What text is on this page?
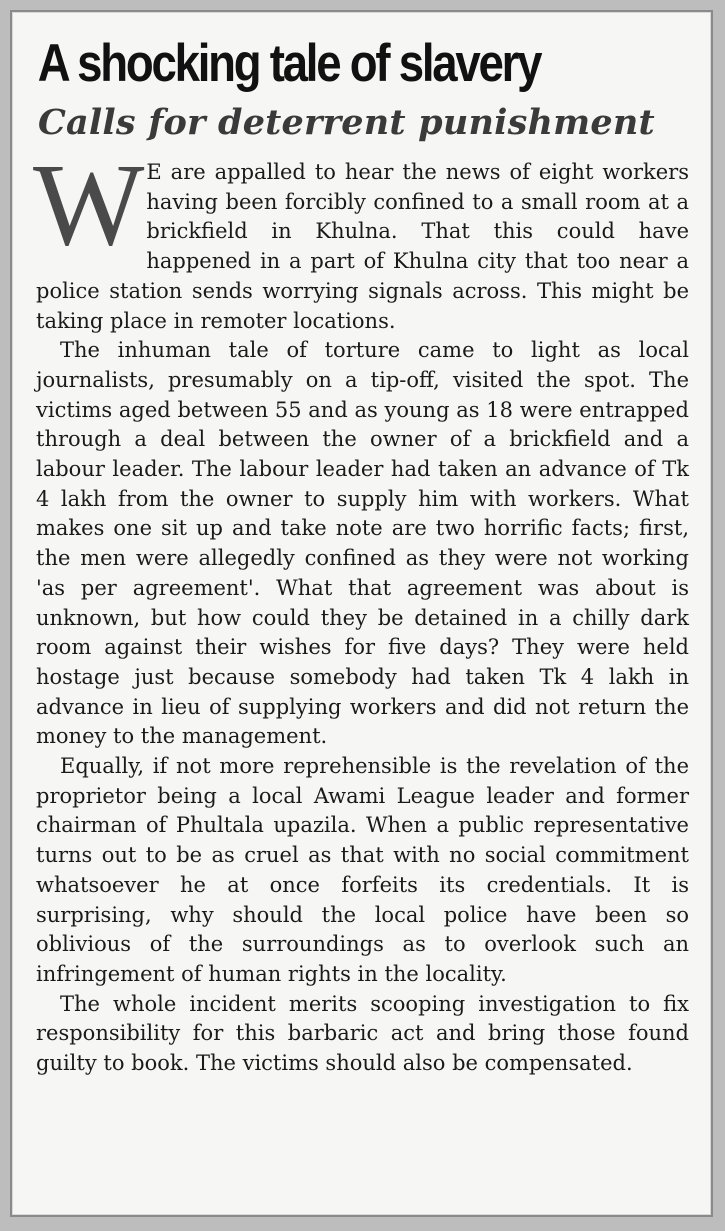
A shocking tale of slavery
Calls for deterrent punishment

W E are appalled to hear the news of eight workers having been forcibly confined to a small room at a brickfield in Khulna. That this could have happened in a part of Khulna city that too near a police station sends worrying signals across. This might be taking place in remoter locations.

The inhuman tale of torture came to light as local journalists, presumably on a tip-off, visited the spot. The victims aged between 55 and as young as 18 were entrapped through a deal between the owner of a brickfield and a labour leader. The labour leader had taken an advance of Tk 4 lakh from the owner to supply him with workers. What makes one sit up and take note are two horrific facts; first, the men were allegedly confined as they were not working 'as per agreement'. What that agreement was about is unknown, but how could they be detained in a chilly dark room against their wishes for five days? They were held hostage just because somebody had taken Tk 4 lakh in advance in lieu of supplying workers and did not return the money to the management.

Equally, if not more reprehensible is the revelation of the proprietor being a local Awami League leader and former chairman of Phultala upazila. When a public representative turns out to be as cruel as that with no social commitment whatsoever he at once forfeits its credentials. It is surprising, why should the local police have been so oblivious of the surroundings as to overlook such an infringement of human rights in the locality.

The whole incident merits scooping investigation to fix responsibility for this barbaric act and bring those found guilty to book. The victims should also be compensated.
